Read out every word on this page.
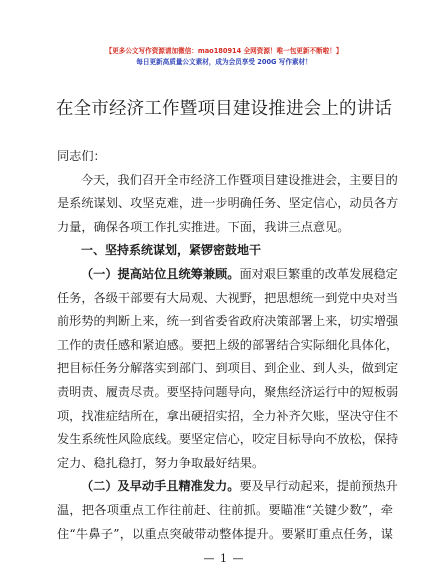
【更多公文写作资源请加微信：mao180914 全网资源！唯一包更新不断啦！】
每日更新高质量公文素材，成为会员享受 200G 写作素材！
在全市经济工作暨项目建设推进会上的讲话
同志们：
今天，我们召开全市经济工作暨项目建设推进会，主要目的
是系统谋划、攻坚克难，进一步明确任务、坚定信心，动员各方
力量，确保各项工作扎实推进。下面，我讲三点意见。
一、坚持系统谋划，紧锣密鼓地干
（一）提高站位且统筹兼顾。面对艰巨繁重的改革发展稳定
任务，各级干部要有大局观、大视野，把思想统一到党中央对当
前形势的判断上来，统一到省委省政府决策部署上来，切实增强
工作的责任感和紧迫感。要把上级的部署结合实际细化具体化，
把目标任务分解落实到部门、到项目、到企业、到人头，做到定
责明责、履责尽责。要坚持问题导向，聚焦经济运行中的短板弱
项，找准症结所在，拿出硬招实招，全力补齐欠账，坚决守住不
发生系统性风险底线。要坚定信心，咬定目标导向不放松，保持
定力、稳扎稳打，努力争取最好结果。
（二）及早动手且精准发力。要及早行动起来，提前预热升
温，把各项重点工作往前赶、往前抓。要瞄准“关键少数”，牵
住“牛鼻子”，以重点突破带动整体提升。要紧盯重点任务，谋
— 1 —
